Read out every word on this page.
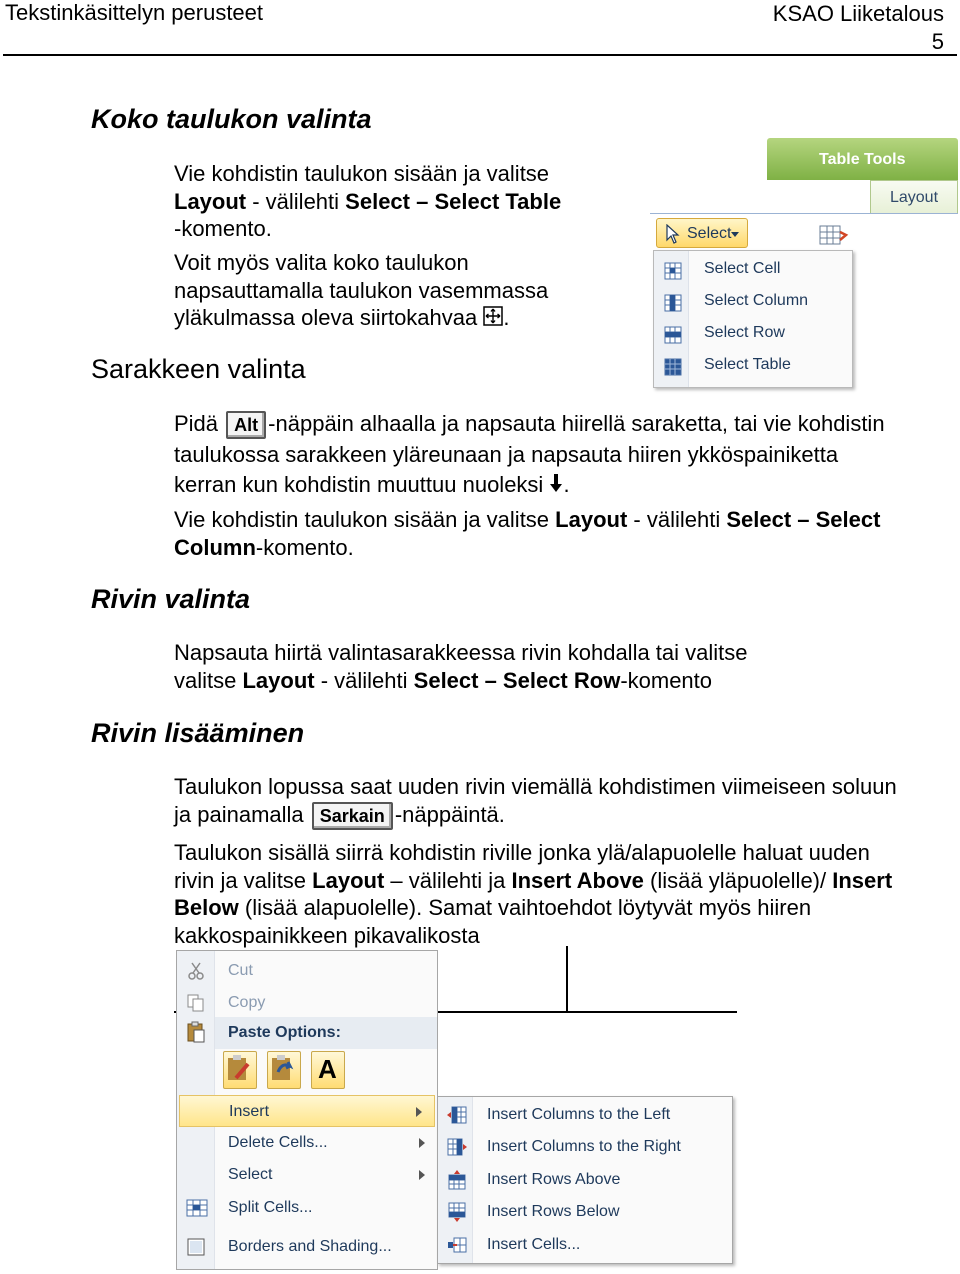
Tekstinkäsittelyn perusteet	KSAO Liiketalous
5
Koko taulukon valinta
Vie kohdistin taulukon sisään ja valitse
Layout - välilehti Select – Select Table
-komento.
Voit myös valita koko taulukon
napsauttamalla taulukon vasemmassa
yläkulmassa oleva siirtokahvaa .
Table Tools
Layout
Select
Select Cell
Select Column
Select Row
Select Table
Sarakkeen valinta
Pidä Alt -näppäin alhaalla ja napsauta hiirellä saraketta, tai vie kohdistin
taulukossa sarakkeen yläreunaan ja napsauta hiiren ykköspainiketta
kerran kun kohdistin muuttuu nuoleksi .
Vie kohdistin taulukon sisään ja valitse Layout - välilehti Select – Select
Column-komento.
Rivin valinta
Napsauta hiirtä valintasarakkeessa rivin kohdalla tai valitse
valitse Layout - välilehti Select – Select Row-komento
Rivin lisääminen
Taulukon lopussa saat uuden rivin viemällä kohdistimen viimeiseen soluun
ja painamalla Sarkain -näppäintä.
Taulukon sisällä siirrä kohdistin riville jonka ylä/alapuolelle haluat uuden
rivin ja valitse Layout – välilehti ja Insert Above (lisää yläpuolelle)/ Insert
Below (lisää alapuolelle). Samat vaihtoehdot löytyvät myös hiiren
kakkospainikkeen pikavalikosta
Cut
Copy
Paste Options:
A
Insert
Delete Cells...
Select
Split Cells...
Borders and Shading...
Insert Columns to the Left
Insert Columns to the Right
Insert Rows Above
Insert Rows Below
Insert Cells...
